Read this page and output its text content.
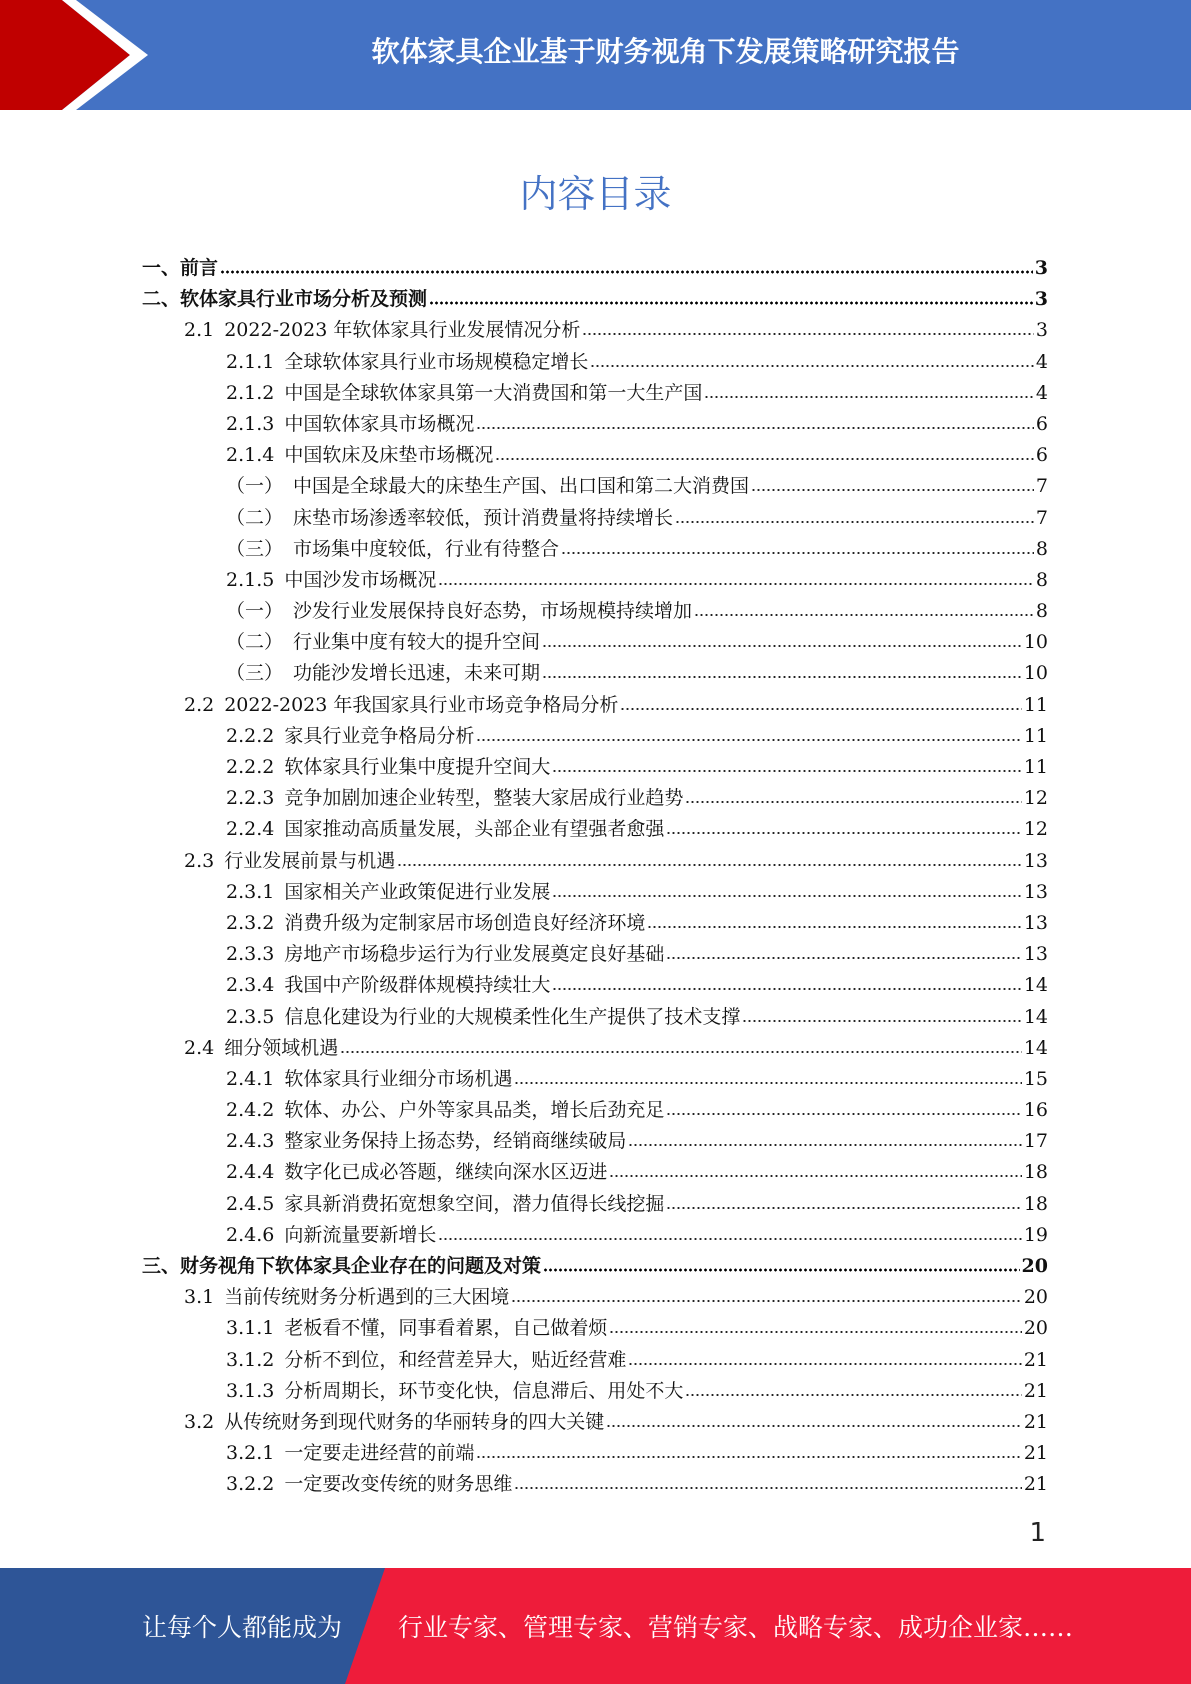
软体家具企业基于财务视角下发展策略研究报告
内容目录
一、 前言	3
二、 软体家具行业市场分析及预测	3
2.1 2022-2023 年软体家具行业发展情况分析	3
2.1.1 全球软体家具行业市场规模稳定增长	4
2.1.2 中国是全球软体家具第一大消费国和第一大生产国	4
2.1.3 中国软体家具市场概况	6
2.1.4 中国软床及床垫市场概况	6
（一） 中国是全球最大的床垫生产国、出口国和第二大消费国	7
（二） 床垫市场渗透率较低，预计消费量将持续增长	7
（三） 市场集中度较低，行业有待整合	8
2.1.5 中国沙发市场概况	8
（一） 沙发行业发展保持良好态势，市场规模持续增加	8
（二） 行业集中度有较大的提升空间	10
（三） 功能沙发增长迅速，未来可期	10
2.2 2022-2023 年我国家具行业市场竞争格局分析	11
2.2.2 家具行业竞争格局分析	11
2.2.2 软体家具行业集中度提升空间大	11
2.2.3 竞争加剧加速企业转型，整装大家居成行业趋势	12
2.2.4 国家推动高质量发展，头部企业有望强者愈强	12
2.3 行业发展前景与机遇	13
2.3.1 国家相关产业政策促进行业发展	13
2.3.2 消费升级为定制家居市场创造良好经济环境	13
2.3.3 房地产市场稳步运行为行业发展奠定良好基础	13
2.3.4 我国中产阶级群体规模持续壮大	14
2.3.5 信息化建设为行业的大规模柔性化生产提供了技术支撑	14
2.4 细分领域机遇	14
2.4.1 软体家具行业细分市场机遇	15
2.4.2 软体、办公、户外等家具品类，增长后劲充足	16
2.4.3 整家业务保持上扬态势，经销商继续破局	17
2.4.4 数字化已成必答题，继续向深水区迈进	18
2.4.5 家具新消费拓宽想象空间，潜力值得长线挖掘	18
2.4.6 向新流量要新增长	19
三、 财务视角下软体家具企业存在的问题及对策	20
3.1 当前传统财务分析遇到的三大困境	20
3.1.1 老板看不懂，同事看着累，自己做着烦	20
3.1.2 分析不到位，和经营差异大，贴近经营难	21
3.1.3 分析周期长，环节变化快，信息滞后、用处不大	21
3.2 从传统财务到现代财务的华丽转身的四大关键	21
3.2.1 一定要走进经营的前端	21
3.2.2 一定要改变传统的财务思维	21
1
让每个人都能成为 行业专家、管理专家、营销专家、战略专家、成功企业家……
